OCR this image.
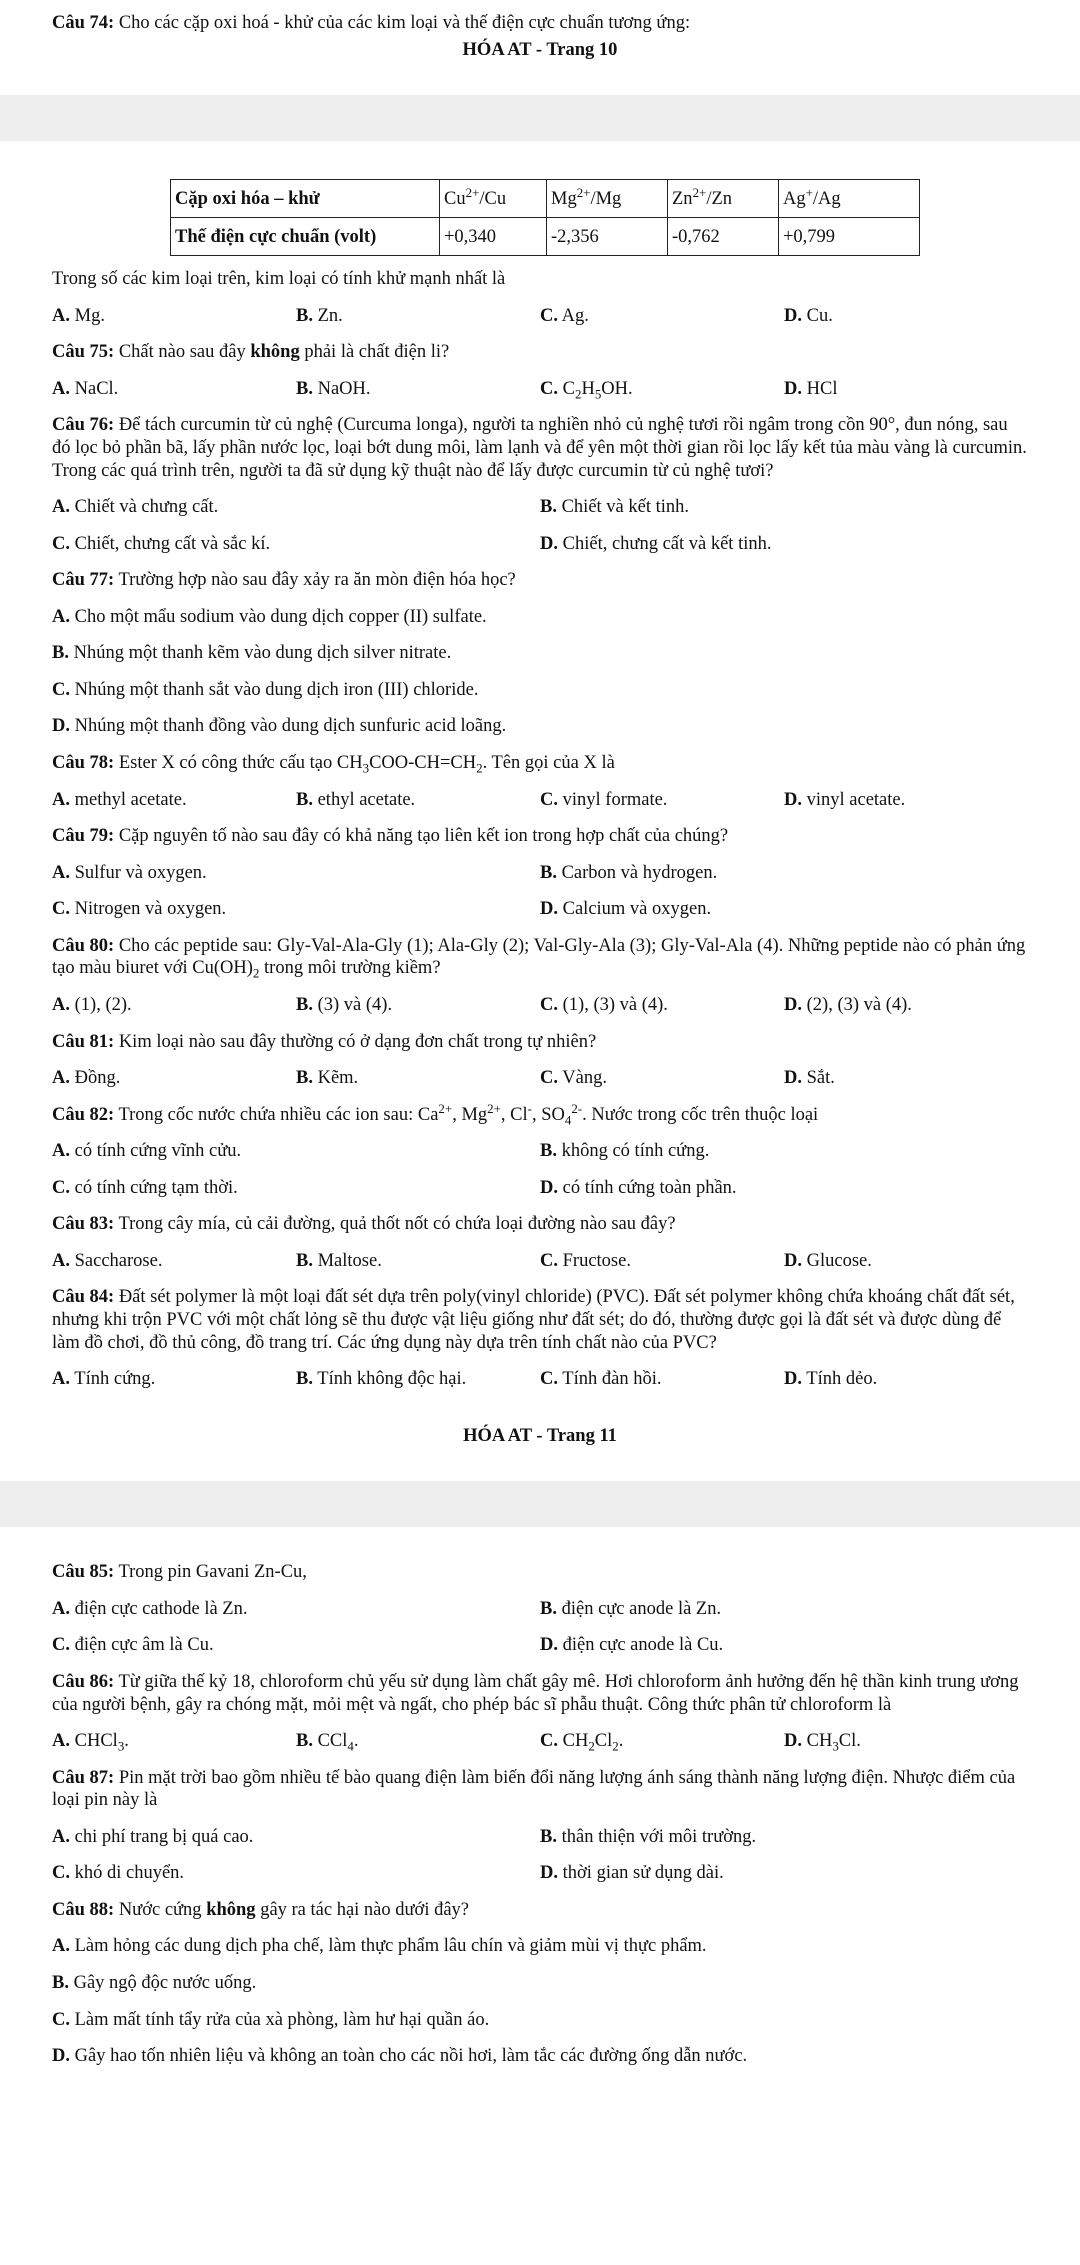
Câu 74: Cho các cặp oxi hoá - khử của các kim loại và thế điện cực chuẩn tương ứng:

HÓA AT - Trang 10
Cặp oxi hóa – khử	$Cu^{2+}/Cu$	$Mg^{2+}/Mg$	$Zn^{2+}/Zn$	Ag+/Ag
Thế điện cực chuẩn (volt)	+0,340	-2,356	-0,762	+0,799

Trong số các kim loại trên, kim loại có tính khử mạnh nhất là

A. Mg.	B. Zn.	C. Ag.	D. Cu.

Câu 75: Chất nào sau đây không phải là chất điện li?

A. NaCl.	B. NaOH.	C. $C_2H_5OH$.	D. HCl

Câu 76: Để tách curcumin từ củ nghệ (Curcuma longa), người ta nghiền nhỏ củ nghệ tươi rồi ngâm trong cồn 90°, đun nóng, sau đó lọc bỏ phần bã, lấy phần nước lọc, loại bớt dung môi, làm lạnh và để yên một thời gian rồi lọc lấy kết tủa màu vàng là curcumin. Trong các quá trình trên, người ta đã sử dụng kỹ thuật nào để lấy được curcumin từ củ nghệ tươi?

A. Chiết và chưng cất.	B. Chiết và kết tinh.
C. Chiết, chưng cất và sắc kí.	D. Chiết, chưng cất và kết tinh.

Câu 77: Trường hợp nào sau đây xảy ra ăn mòn điện hóa học?

A. Cho một mẩu sodium vào dung dịch copper (II) sulfate.
B. Nhúng một thanh kẽm vào dung dịch silver nitrate.
C. Nhúng một thanh sắt vào dung dịch iron (III) chloride.
D. Nhúng một thanh đồng vào dung dịch sunfuric acid loãng.

Câu 78: Ester X có công thức cấu tạo $CH_3COO-CH=CH_2$. Tên gọi của X là

A. methyl acetate.	B. ethyl acetate.	C. vinyl formate.	D. vinyl acetate.

Câu 79: Cặp nguyên tố nào sau đây có khả năng tạo liên kết ion trong hợp chất của chúng?

A. Sulfur và oxygen.	B. Carbon và hydrogen.
C. Nitrogen và oxygen.	D. Calcium và oxygen.

Câu 80: Cho các peptide sau: Gly-Val-Ala-Gly (1); Ala-Gly (2); Val-Gly-Ala (3); Gly-Val-Ala (4). Những peptide nào có phản ứng tạo màu biuret với $Cu(OH)_2$ trong môi trường kiềm?

A. (1), (2).	B. (3) và (4).	C. (1), (3) và (4).	D. (2), (3) và (4).

Câu 81: Kim loại nào sau đây thường có ở dạng đơn chất trong tự nhiên?

A. Đồng.	B. Kẽm.	C. Vàng.	D. Sắt.

Câu 82: Trong cốc nước chứa nhiều các ion sau: $Ca^{2+}$, $Mg^{2+}$, Cl-, $SO_4^{2-}$. Nước trong cốc trên thuộc loại

A. có tính cứng vĩnh cửu.	B. không có tính cứng.
C. có tính cứng tạm thời.	D. có tính cứng toàn phần.

Câu 83: Trong cây mía, củ cải đường, quả thốt nốt có chứa loại đường nào sau đây?

A. Saccharose.	B. Maltose.	C. Fructose.	D. Glucose.

Câu 84: Đất sét polymer là một loại đất sét dựa trên poly(vinyl chloride) (PVC). Đất sét polymer không chứa khoáng chất đất sét, nhưng khi trộn PVC với một chất lỏng sẽ thu được vật liệu giống như đất sét; do đó, thường được gọi là đất sét và được dùng để làm đồ chơi, đồ thủ công, đồ trang trí. Các ứng dụng này dựa trên tính chất nào của PVC?

A. Tính cứng.	B. Tính không độc hại.	C. Tính đàn hồi.	D. Tính dẻo.
HÓA AT - Trang 11

Câu 85: Trong pin Gavani Zn-Cu,

A. điện cực cathode là Zn.	B. điện cực anode là Zn.
C. điện cực âm là Cu.	D. điện cực anode là Cu.

Câu 86: Từ giữa thế kỷ 18, chloroform chủ yếu sử dụng làm chất gây mê. Hơi chloroform ảnh hưởng đến hệ thần kinh trung ương của người bệnh, gây ra chóng mặt, mỏi mệt và ngất, cho phép bác sĩ phẫu thuật. Công thức phân tử chloroform là

A. CHCl$_3$.	B. CCl$_4$.	C. $CH_2Cl_2$.	D. $CH_3Cl$.

Câu 87: Pin mặt trời bao gồm nhiều tế bào quang điện làm biến đổi năng lượng ánh sáng thành năng lượng điện. Nhược điểm của loại pin này là

A. chi phí trang bị quá cao.	B. thân thiện với môi trường.
C. khó di chuyển.	D. thời gian sử dụng dài.

Câu 88: Nước cứng không gây ra tác hại nào dưới đây?

A. Làm hỏng các dung dịch pha chế, làm thực phẩm lâu chín và giảm mùi vị thực phẩm.
B. Gây ngộ độc nước uống.
C. Làm mất tính tẩy rửa của xà phòng, làm hư hại quần áo.
D. Gây hao tốn nhiên liệu và không an toàn cho các nồi hơi, làm tắc các đường ống dẫn nước.
